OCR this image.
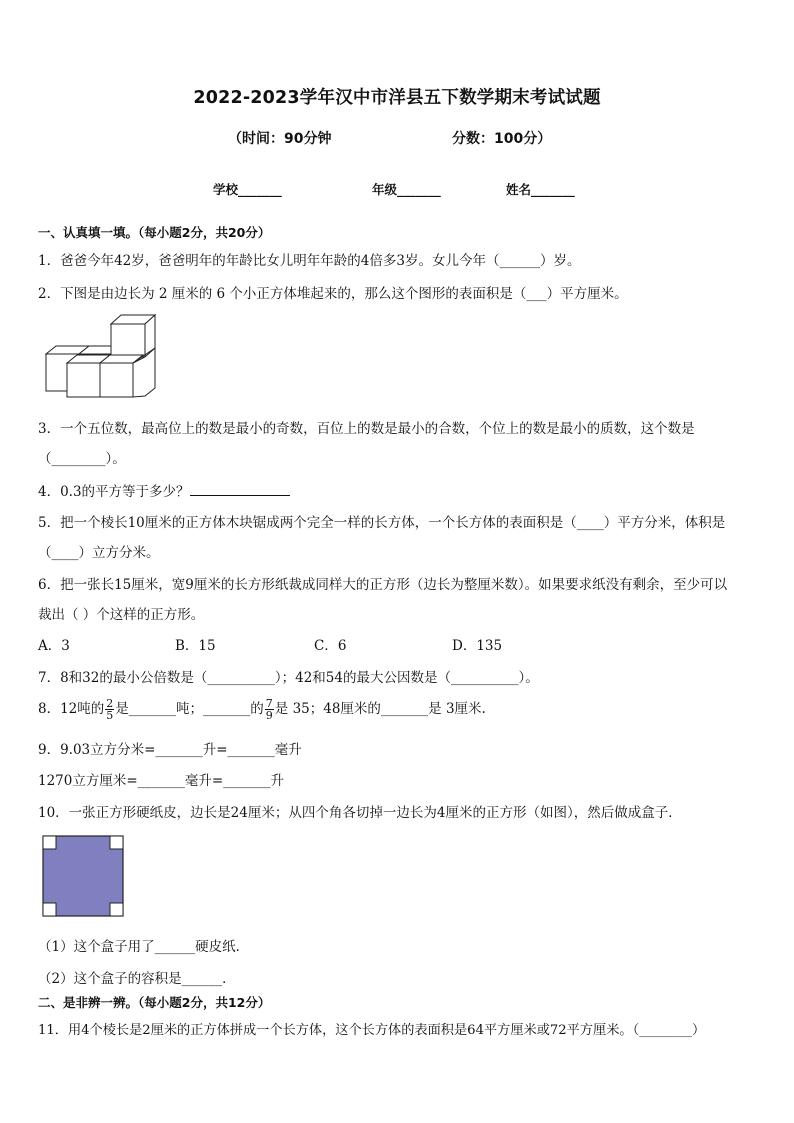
2022-2023学年汉中市洋县五下数学期末考试试题
（时间：90分钟	分数：100分）
学校_______	年级_______	姓名_______
一、认真填一填。（每小题2分，共20分）
1．爸爸今年42岁，爸爸明年的年龄比女儿明年年龄的4倍多3岁。女儿今年（______）岁。
2．下图是由边长为 2 厘米的 6 个小正方体堆起来的，那么这个图形的表面积是（___）平方厘米。
3．一个五位数，最高位上的数是最小的奇数，百位上的数是最小的合数，个位上的数是最小的质数，这个数是
（________）。
4．0.3的平方等于多少？
5．把一个棱长10厘米的正方体木块锯成两个完全一样的长方体，一个长方体的表面积是（____）平方分米，体积是
（____）立方分米。
6．把一张长15厘米，宽9厘米的长方形纸裁成同样大的正方形（边长为整厘米数）。如果要求纸没有剩余，至少可以
裁出（ ）个这样的正方形。
A．3	B．15	C．6	D．135
7．8和32的最小公倍数是（__________）；42和54的最大公因数是（__________）。
8．12吨的 $\frac{2}{5}$ 是_______吨；_______的 $\frac{7}{9}$ 是 35；48厘米的_______是 3厘米.
9．9.03立方分米=_______升=_______毫升
1270立方厘米=_______毫升=_______升
10．一张正方形硬纸皮，边长是24厘米；从四个角各切掉一边长为4厘米的正方形（如图），然后做成盒子．
（1）这个盒子用了______硬皮纸．
（2）这个盒子的容积是______．
二、是非辨一辨。（每小题2分，共12分）
11．用4个棱长是2厘米的正方体拼成一个长方体，这个长方体的表面积是64平方厘米或72平方厘米。（________）
